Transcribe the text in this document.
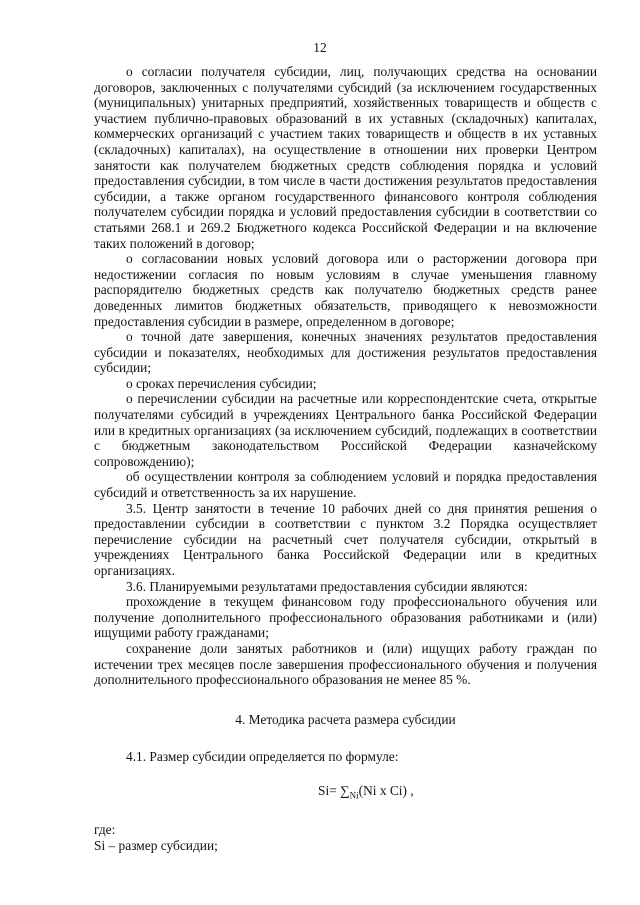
12

о согласии получателя субсидии, лиц, получающих средства на основании договоров, заключенных с получателями субсидий (за исключением государственных (муниципальных) унитарных предприятий, хозяйственных товариществ и обществ с участием публично-правовых образований в их уставных (складочных) капиталах, коммерческих организаций с участием таких товариществ и обществ в их уставных (складочных) капиталах), на осуществление в отношении них проверки Центром занятости как получателем бюджетных средств соблюдения порядка и условий предоставления субсидии, в том числе в части достижения результатов предоставления субсидии, а также органом государственного финансового контроля соблюдения получателем субсидии порядка и условий предоставления субсидии в соответствии со статьями 268.1 и 269.2 Бюджетного кодекса Российской Федерации и на включение таких положений в договор;

о согласовании новых условий договора или о расторжении договора при недостижении согласия по новым условиям в случае уменьшения главному распорядителю бюджетных средств как получателю бюджетных средств ранее доведенных лимитов бюджетных обязательств, приводящего к невозможности предоставления субсидии в размере, определенном в договоре;

о точной дате завершения, конечных значениях результатов предоставления субсидии и показателях, необходимых для достижения результатов предоставления субсидии;

о сроках перечисления субсидии;

о перечислении субсидии на расчетные или корреспондентские счета, открытые получателями субсидий в учреждениях Центрального банка Российской Федерации или в кредитных организациях (за исключением субсидий, подлежащих в соответствии с бюджетным законодательством Российской Федерации казначейскому сопровождению);

об осуществлении контроля за соблюдением условий и порядка предоставления субсидий и ответственность за их нарушение.

3.5. Центр занятости в течение 10 рабочих дней со дня принятия решения о предоставлении субсидии в соответствии с пунктом 3.2 Порядка осуществляет перечисление субсидии на расчетный счет получателя субсидии, открытый в учреждениях Центрального банка Российской Федерации или в кредитных организациях.

3.6. Планируемыми результатами предоставления субсидии являются:

прохождение в текущем финансовом году профессионального обучения или получение дополнительного профессионального образования работниками и (или) ищущими работу гражданами;

сохранение доли занятых работников и (или) ищущих работу граждан по истечении трех месяцев после завершения профессионального обучения и получения дополнительного профессионального образования не менее 85 %.

4. Методика расчета размера субсидии

4.1. Размер субсидии определяется по формуле:

$Si= \sum_{Ni}(Ni$ x Ci) ,

где:

Si – размер субсидии;
